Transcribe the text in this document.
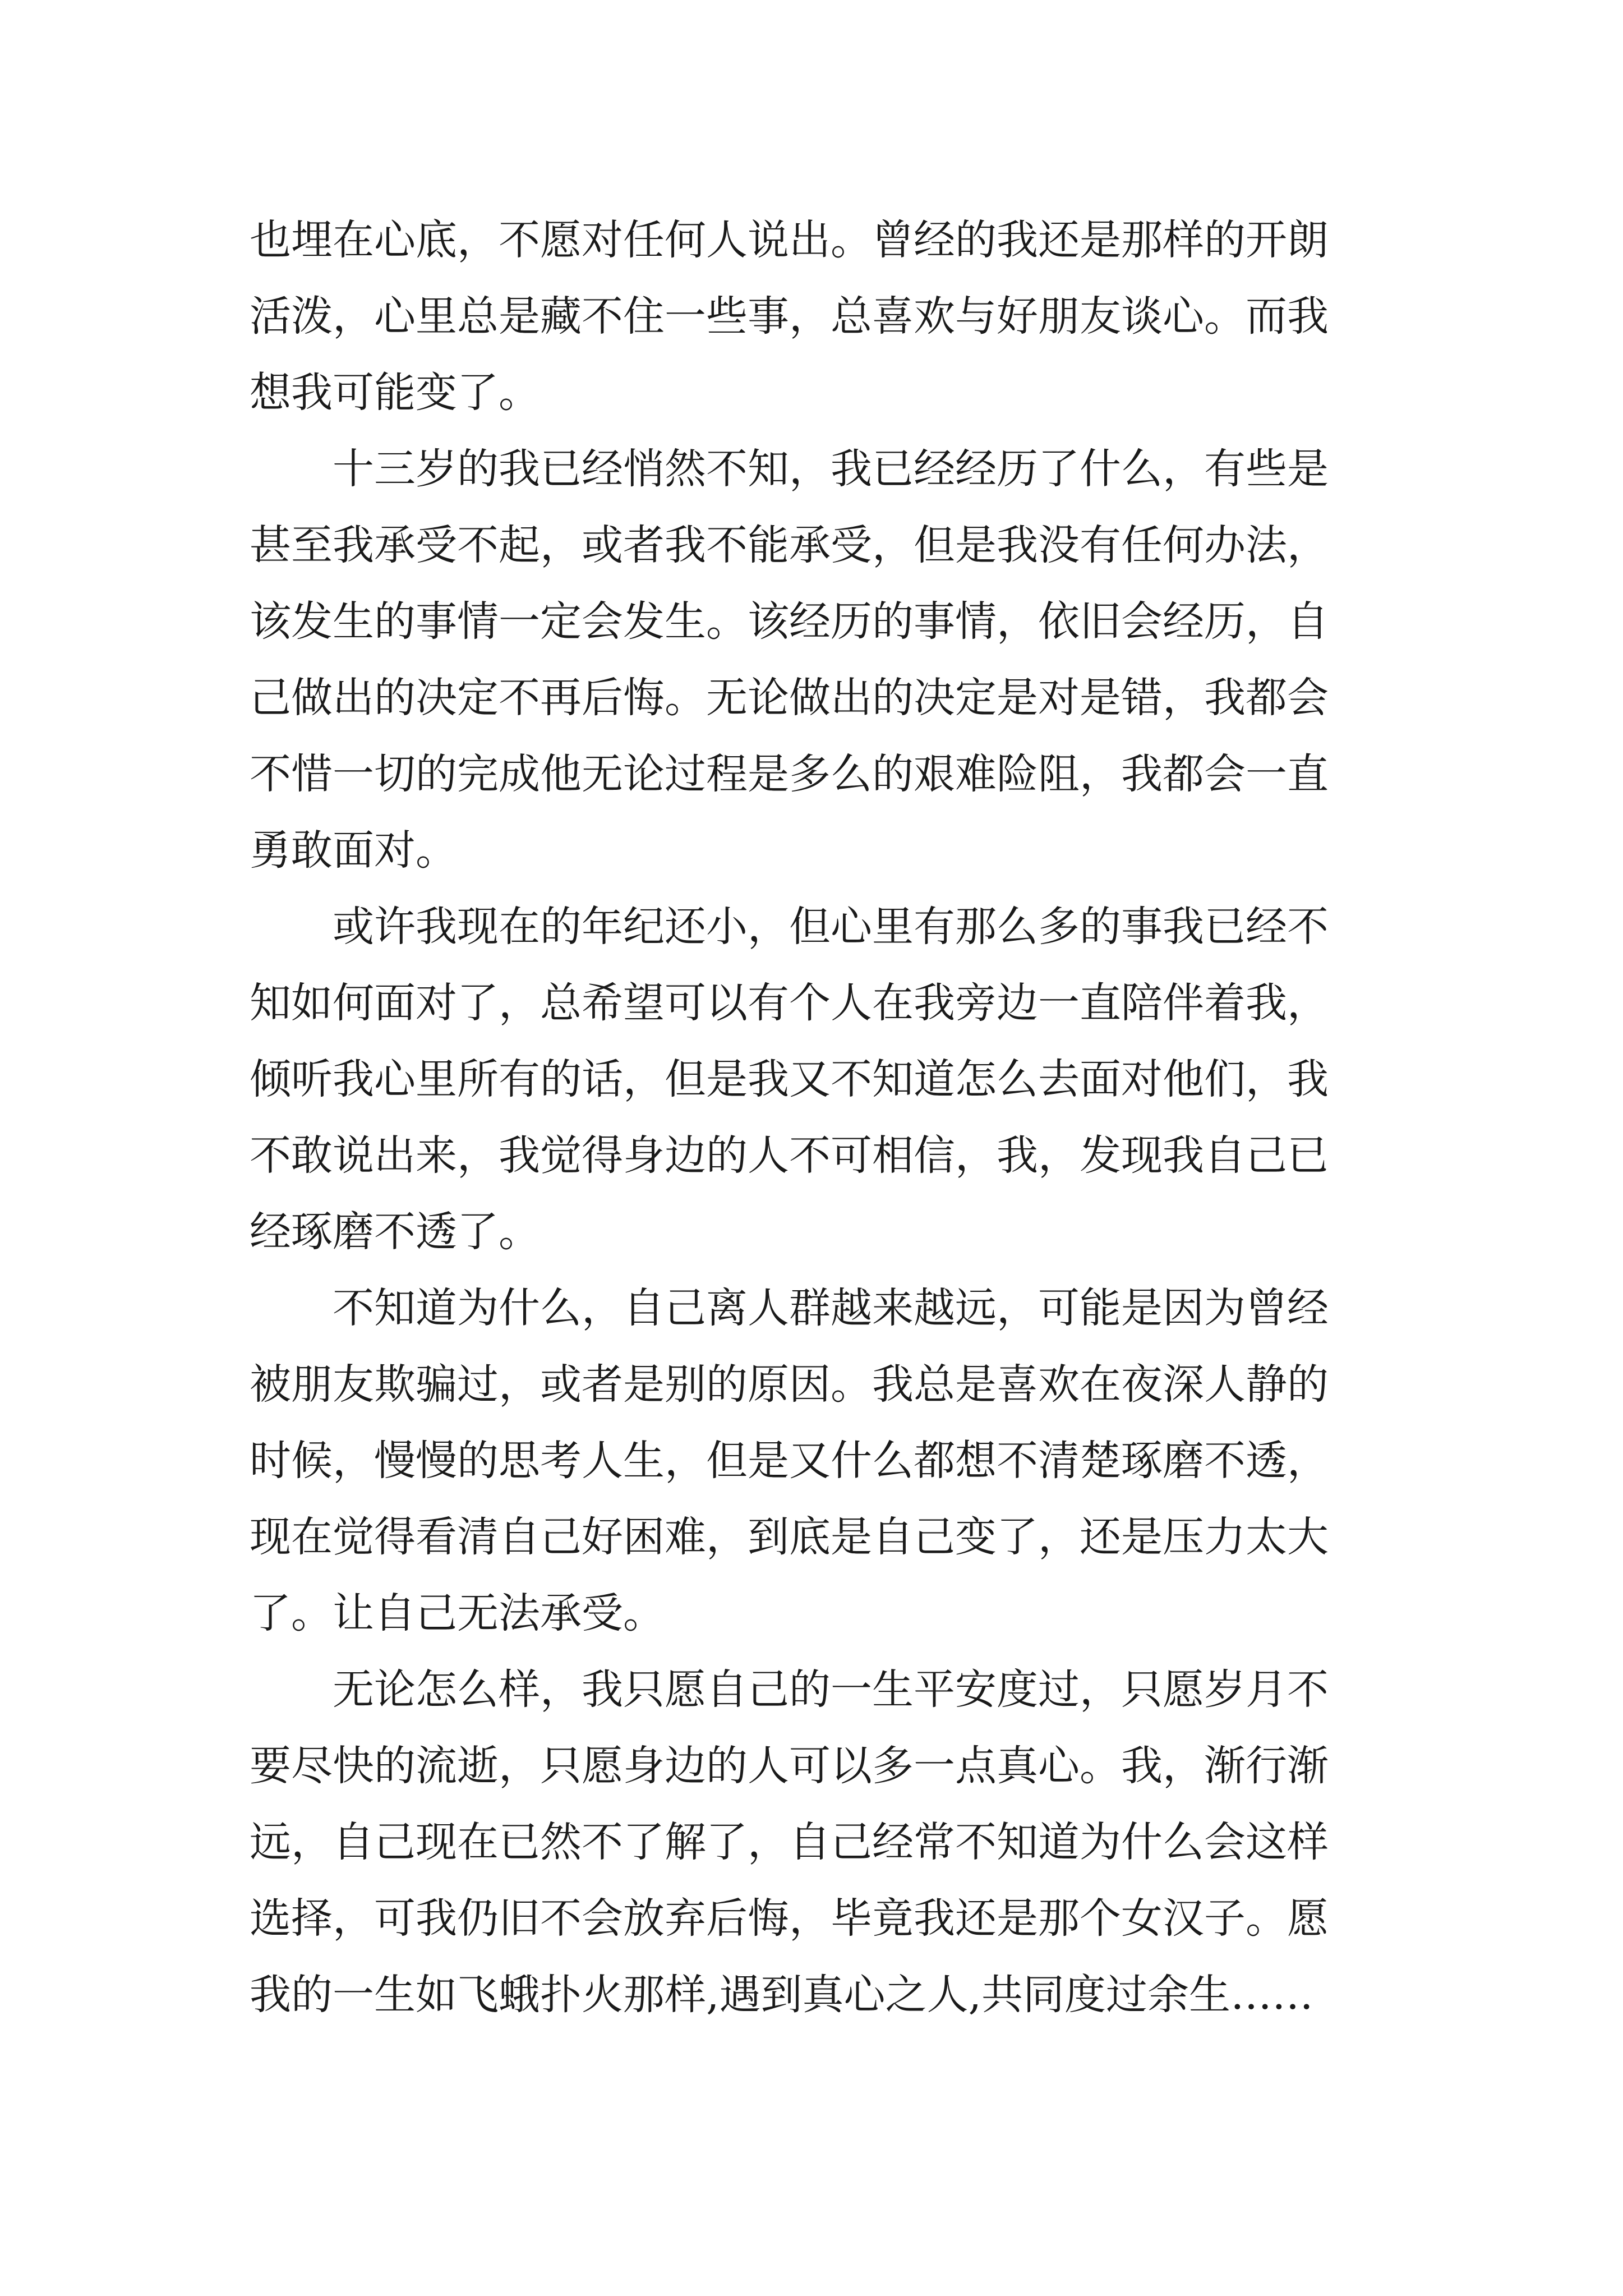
也埋在心底，不愿对任何人说出。曾经的我还是那样的开朗
活泼，心里总是藏不住一些事，总喜欢与好朋友谈心。而我
想我可能变了。
十三岁的我已经悄然不知，我已经经历了什么，有些是
甚至我承受不起，或者我不能承受，但是我没有任何办法，
该发生的事情一定会发生。该经历的事情，依旧会经历，自
己做出的决定不再后悔。无论做出的决定是对是错，我都会
不惜一切的完成他无论过程是多么的艰难险阻，我都会一直
勇敢面对。
或许我现在的年纪还小，但心里有那么多的事我已经不
知如何面对了，总希望可以有个人在我旁边一直陪伴着我，
倾听我心里所有的话，但是我又不知道怎么去面对他们，我
不敢说出来，我觉得身边的人不可相信，我，发现我自己已
经琢磨不透了。
不知道为什么，自己离人群越来越远，可能是因为曾经
被朋友欺骗过，或者是别的原因。我总是喜欢在夜深人静的
时候，慢慢的思考人生，但是又什么都想不清楚琢磨不透，
现在觉得看清自己好困难，到底是自己变了，还是压力太大
了。让自己无法承受。
无论怎么样，我只愿自己的一生平安度过，只愿岁月不
要尽快的流逝，只愿身边的人可以多一点真心。我，渐行渐
远，自己现在已然不了解了，自己经常不知道为什么会这样
选择，可我仍旧不会放弃后悔，毕竟我还是那个女汉子。愿
我的一生如飞蛾扑火那样,遇到真心之人,共同度过余生……
